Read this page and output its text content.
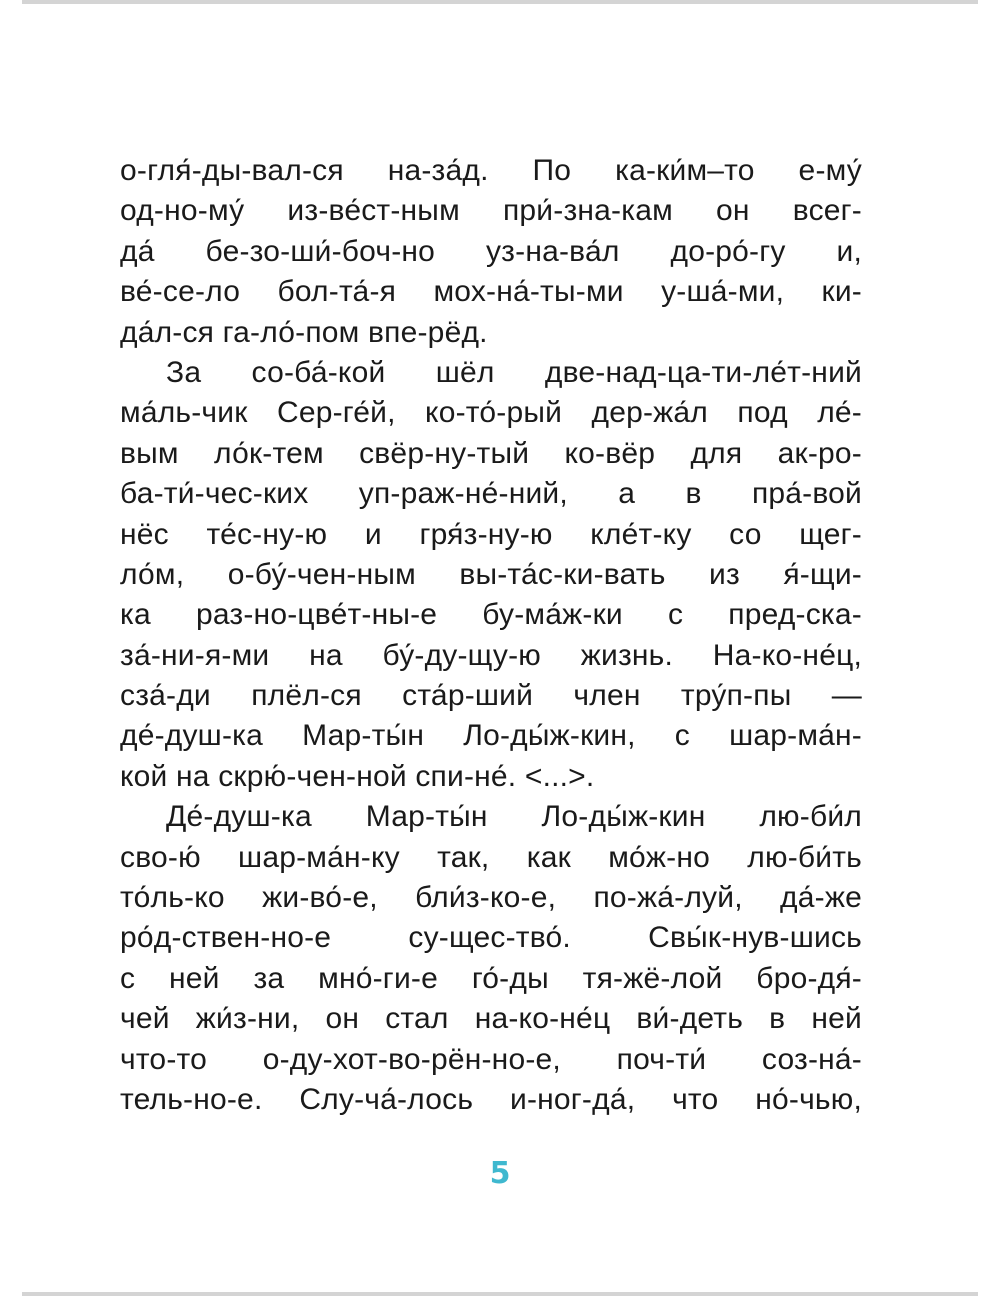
о-гля́-ды-вал-ся на-за́д. По ка-ки́м–то е-му́
од-но-му́ из-ве́ст-ным при́-зна-кам он всег-
да́ бе-зо-ши́-боч-но уз-на-ва́л до-ро́-гу и,
ве́-се-ло бол-та́-я мох-на́-ты-ми у-ша́-ми, ки-
да́л-ся га-ло́-пом впе-рёд.
За со-ба́-кой шёл две-над-ца-ти-ле́т-ний
ма́ль-чик Сер-ге́й, ко-то́-рый дер-жа́л под ле́-
вым ло́к-тем свёр-ну-тый ко-вёр для ак-ро-
ба-ти́-чес-ких уп-раж-не́-ний, а в пра́-вой
нёс те́с-ну-ю и гря́з-ну-ю кле́т-ку со щег-
ло́м, о-бу́-чен-ным вы-та́с-ки-вать из я́-щи-
ка раз-но-цве́т-ны-е бу-ма́ж-ки с пред-ска-
за́-ни-я-ми на бу́-ду-щу-ю жизнь. На-ко-не́ц,
сза́-ди плёл-ся ста́р-ший член тру́п-пы —
де́-душ-ка Мар-ты́н Ло-ды́ж-кин, с шар-ма́н-
кой на скрю́-чен-ной спи-не́. <...>.
Де́-душ-ка Мар-ты́н Ло-ды́ж-кин лю-би́л
сво-ю́ шар-ма́н-ку так, как мо́ж-но лю-би́ть
то́ль-ко жи-во́-е, бли́з-ко-е, по-жа́-луй, да́-же
ро́д-ствен-но-е су-щес-тво́. Свы́к-нув-шись
с ней за мно́-ги-е го́-ды тя-жё-лой бро-дя́-
чей жи́з-ни, он стал на-ко-не́ц ви́-деть в ней
что-то о-ду-хот-во-рён-но-е, поч-ти́ соз-на́-
тель-но-е. Слу-ча́-лось и-ног-да́, что но́-чью,
5
